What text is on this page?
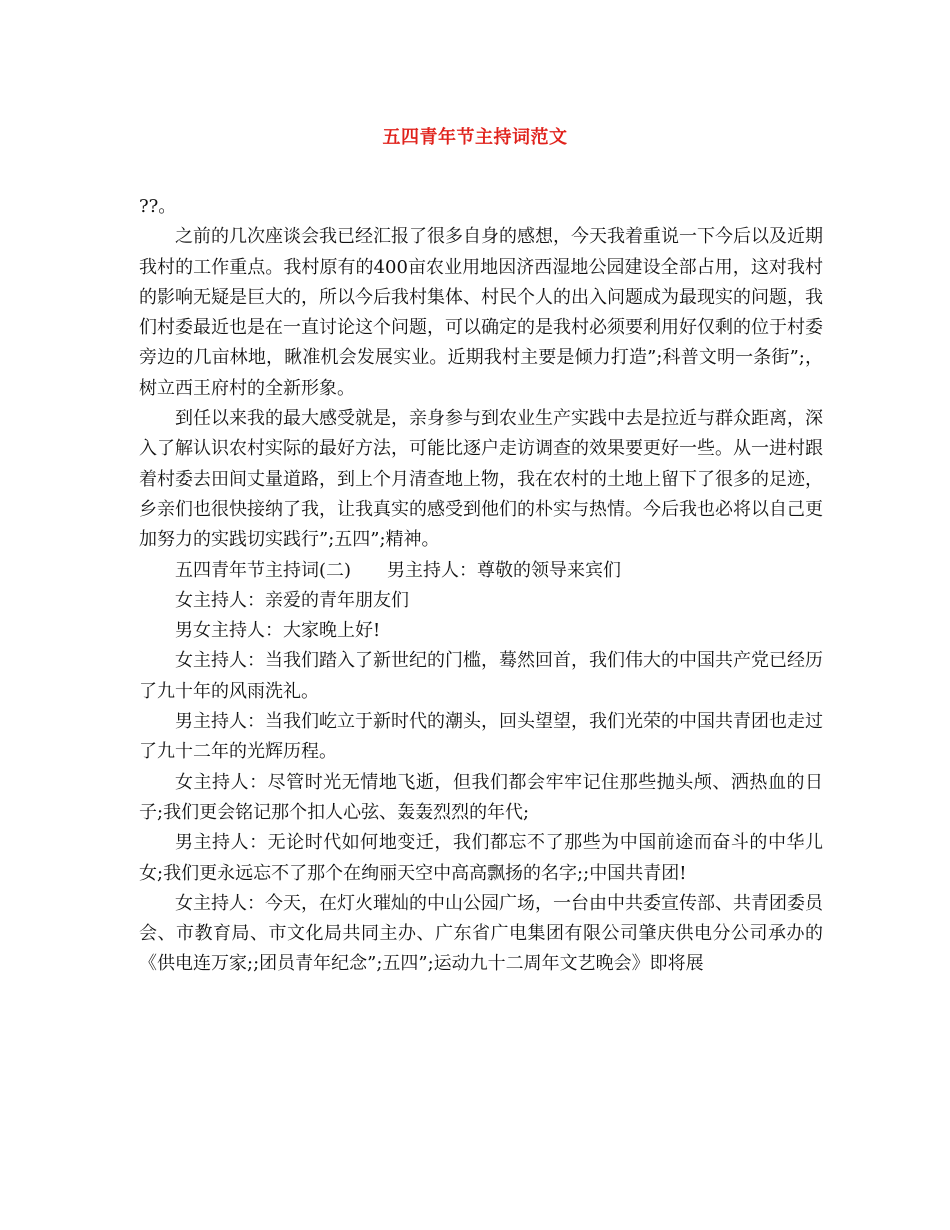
五四青年节主持词范文

??。

之前的几次座谈会我已经汇报了很多自身的感想，今天我着重说一下今后以及近期我村的工作重点。我村原有的400亩农业用地因济西湿地公园建设全部占用，这对我村的影响无疑是巨大的，所以今后我村集体、村民个人的出入问题成为最现实的问题，我们村委最近也是在一直讨论这个问题，可以确定的是我村必须要利用好仅剩的位于村委旁边的几亩林地，瞅准机会发展实业。近期我村主要是倾力打造”;科普文明一条街”;，树立西王府村的全新形象。

到任以来我的最大感受就是，亲身参与到农业生产实践中去是拉近与群众距离，深入了解认识农村实际的最好方法，可能比逐户走访调查的效果要更好一些。从一进村跟着村委去田间丈量道路，到上个月清查地上物，我在农村的土地上留下了很多的足迹，乡亲们也很快接纳了我，让我真实的感受到他们的朴实与热情。今后我也必将以自己更加努力的实践切实践行”;五四”;精神。

五四青年节主持词(二)　　男主持人：尊敬的领导来宾们

女主持人：亲爱的青年朋友们

男女主持人：大家晚上好!

女主持人：当我们踏入了新世纪的门槛，蓦然回首，我们伟大的中国共产党已经历了九十年的风雨洗礼。

男主持人：当我们屹立于新时代的潮头，回头望望，我们光荣的中国共青团也走过了九十二年的光辉历程。

女主持人：尽管时光无情地飞逝，但我们都会牢牢记住那些抛头颅、洒热血的日子;我们更会铭记那个扣人心弦、轰轰烈烈的年代;

男主持人：无论时代如何地变迁，我们都忘不了那些为中国前途而奋斗的中华儿女;我们更永远忘不了那个在绚丽天空中高高飘扬的名字;;中国共青团!

女主持人：今天，在灯火璀灿的中山公园广场，一台由中共委宣传部、共青团委员会、市教育局、市文化局共同主办、广东省广电集团有限公司肇庆供电分公司承办的《供电连万家;;团员青年纪念”;五四”;运动九十二周年文艺晚会》即将展
